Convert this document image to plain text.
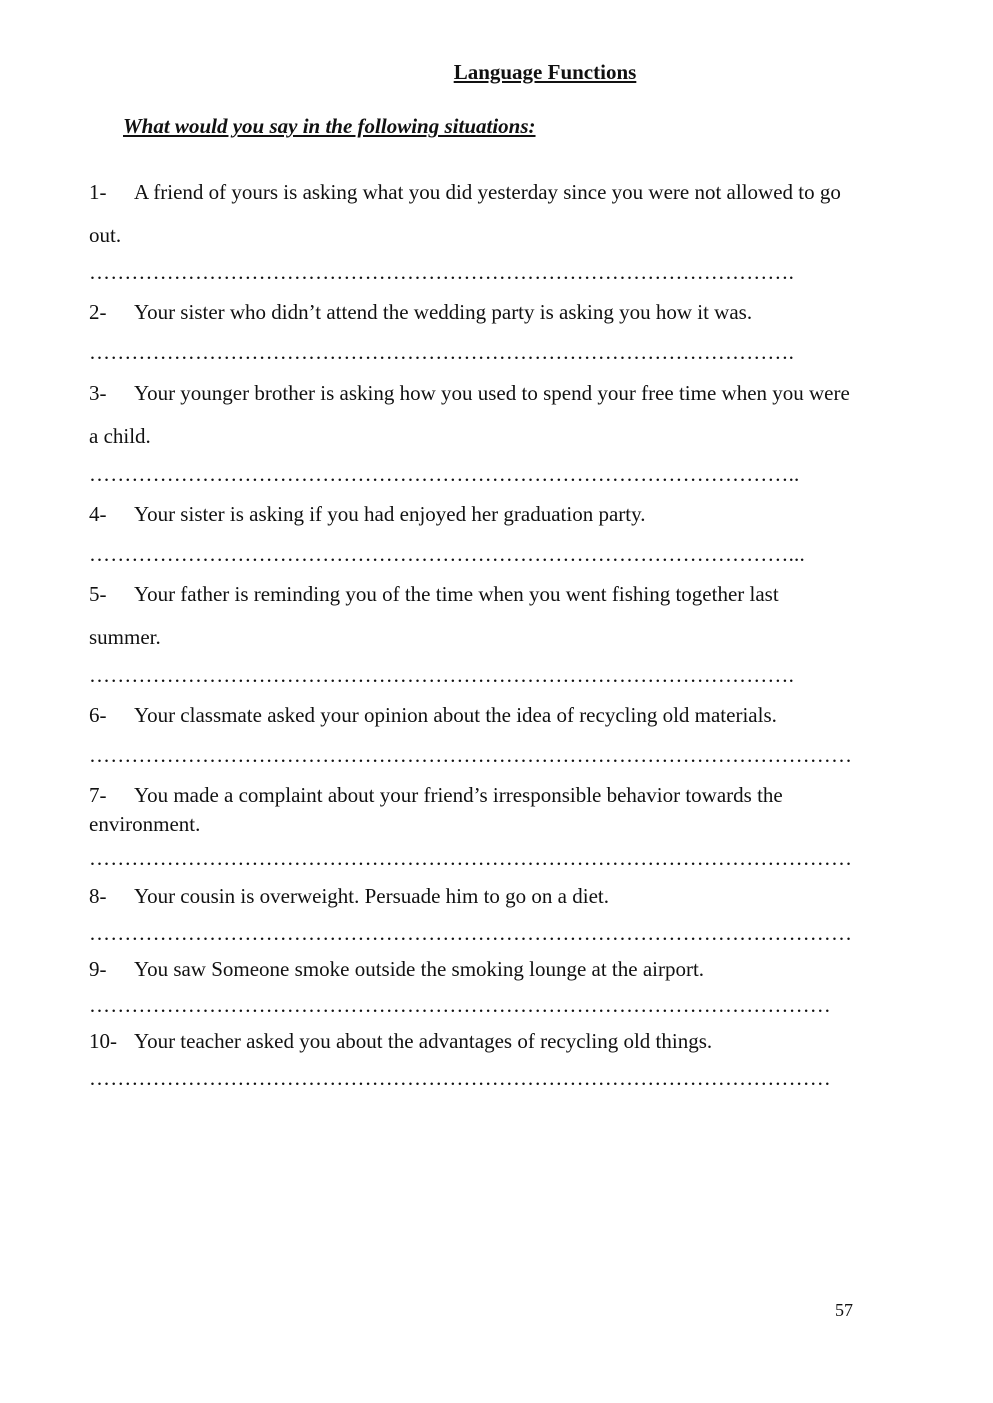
Language Functions
What would you say in the following situations:

1- A friend of yours is asking what you did yesterday since you were not allowed to go
out.

……………………………………………………………………………………….

2- Your sister who didn’t attend the wedding party is asking you how it was.

……………………………………………………………………………………….

3- Your younger brother is asking how you used to spend your free time when you were
a child.

………………………………………………………………………………………..

4- Your sister is asking if you had enjoyed her graduation party.

………………………………………………………………………………………...

5- Your father is reminding you of the time when you went fishing together last
summer.

……………………………………………………………………………………….

6- Your classmate asked your opinion about the idea of recycling old materials.

………………………………………………………………………………………………

7- You made a complaint about your friend’s irresponsible behavior towards the
environment.

………………………………………………………………………………………………

8- Your cousin is overweight. Persuade him to go on a diet.

………………………………………………………………………………………………

9- You saw Someone smoke outside the smoking lounge at the airport.

……………………………………………………………………………………………

10- Your teacher asked you about the advantages of recycling old things.

……………………………………………………………………………………………

57
